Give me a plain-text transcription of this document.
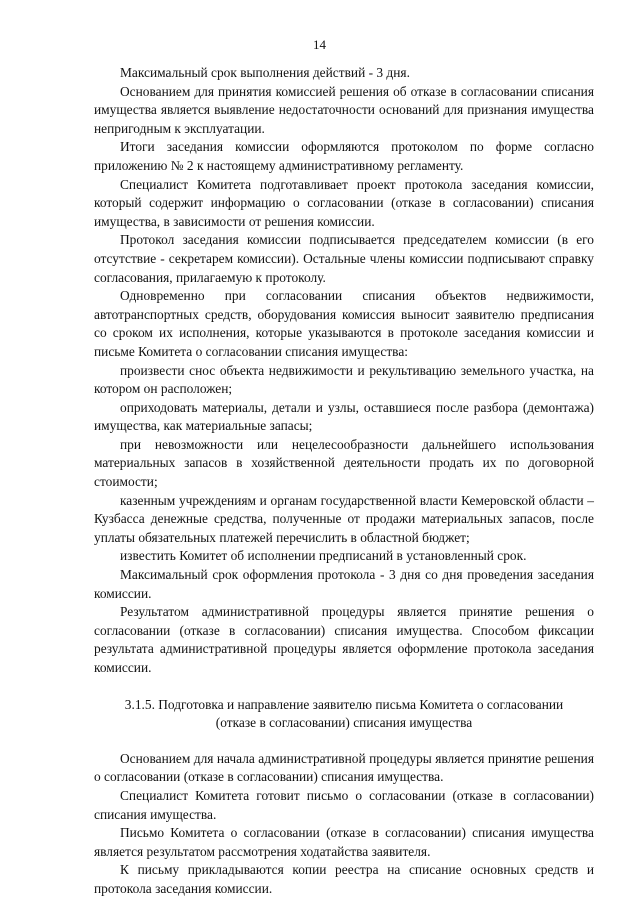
14

Максимальный срок выполнения действий - 3 дня.

Основанием для принятия комиссией решения об отказе в согласовании списания имущества является выявление недостаточности оснований для признания имущества непригодным к эксплуатации.

Итоги заседания комиссии оформляются протоколом по форме согласно приложению № 2 к настоящему административному регламенту.

Специалист Комитета подготавливает проект протокола заседания комиссии, который содержит информацию о согласовании (отказе в согласовании) списания имущества, в зависимости от решения комиссии.

Протокол заседания комиссии подписывается председателем комиссии (в его отсутствие - секретарем комиссии). Остальные члены комиссии подписывают справку согласования, прилагаемую к протоколу.

Одновременно при согласовании списания объектов недвижимости, автотранспортных средств, оборудования комиссия выносит заявителю предписания со сроком их исполнения, которые указываются в протоколе заседания комиссии и письме Комитета о согласовании списания имущества:

произвести снос объекта недвижимости и рекультивацию земельного участка, на котором он расположен;

оприходовать материалы, детали и узлы, оставшиеся после разбора (демонтажа) имущества, как материальные запасы;

при невозможности или нецелесообразности дальнейшего использования материальных запасов в хозяйственной деятельности продать их по договорной стоимости;

казенным учреждениям и органам государственной власти Кемеровской области – Кузбасса денежные средства, полученные от продажи материальных запасов, после уплаты обязательных платежей перечислить в областной бюджет;

известить Комитет об исполнении предписаний в установленный срок.

Максимальный срок оформления протокола - 3 дня со дня проведения заседания комиссии.

Результатом административной процедуры является принятие решения о согласовании (отказе в согласовании) списания имущества. Способом фиксации результата административной процедуры является оформление протокола заседания комиссии.

3.1.5. Подготовка и направление заявителю письма Комитета о согласовании
(отказе в согласовании) списания имущества

Основанием для начала административной процедуры является принятие решения о согласовании (отказе в согласовании) списания имущества.

Специалист Комитета готовит письмо о согласовании (отказе в согласовании) списания имущества.

Письмо Комитета о согласовании (отказе в согласовании) списания имущества является результатом рассмотрения ходатайства заявителя.

К письму прикладываются копии реестра на списание основных средств и протокола заседания комиссии.
